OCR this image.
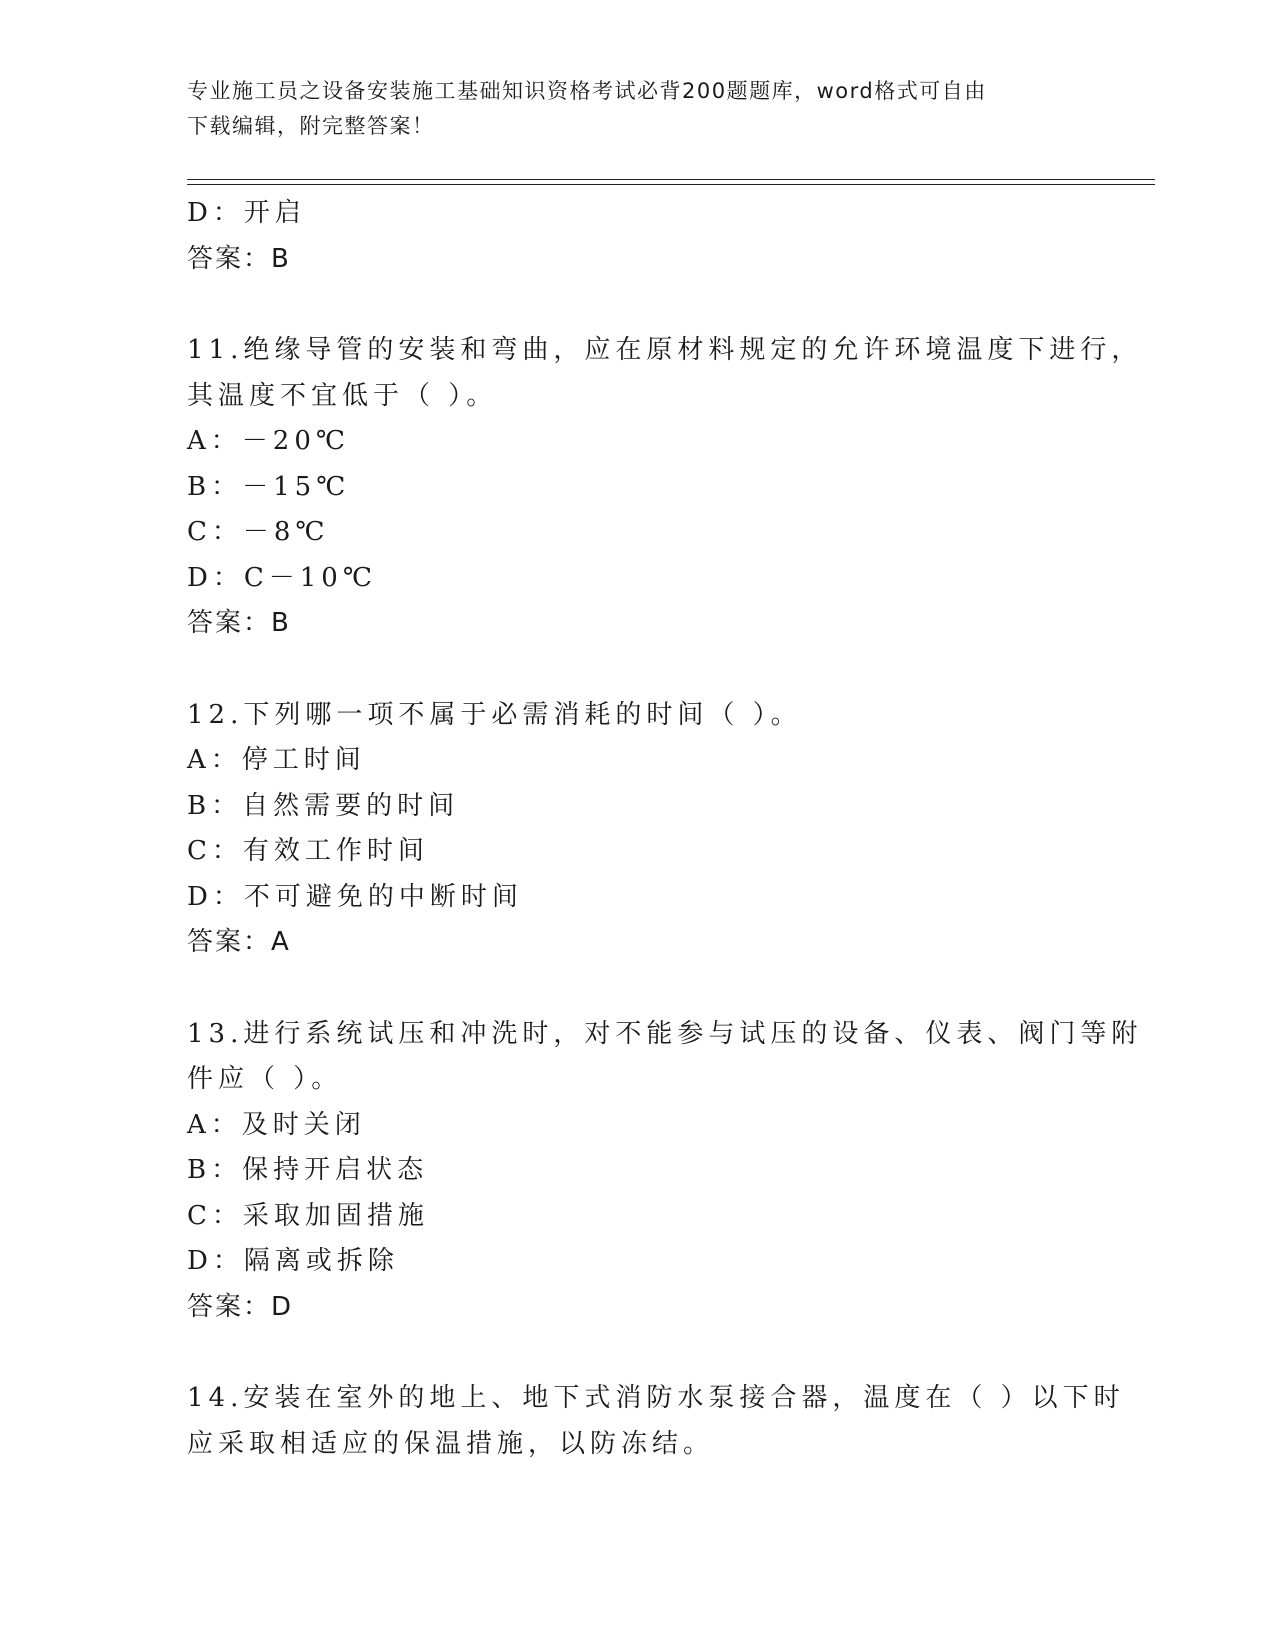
专业施工员之设备安装施工基础知识资格考试必背200题题库，word格式可自由
下载编辑，附完整答案！
D：开启
答案：B
11.绝缘导管的安装和弯曲，应在原材料规定的允许环境温度下进行，
其温度不宜低于（ ）。
A：－20℃
B：－15℃
C：－8℃
D：C－10℃
答案：B
12.下列哪一项不属于必需消耗的时间（ ）。
A：停工时间
B：自然需要的时间
C：有效工作时间
D：不可避免的中断时间
答案：A
13.进行系统试压和冲洗时，对不能参与试压的设备、仪表、阀门等附
件应（ ）。
A：及时关闭
B：保持开启状态
C：采取加固措施
D：隔离或拆除
答案：D
14.安装在室外的地上、地下式消防水泵接合器，温度在（ ）以下时
应采取相适应的保温措施，以防冻结。
